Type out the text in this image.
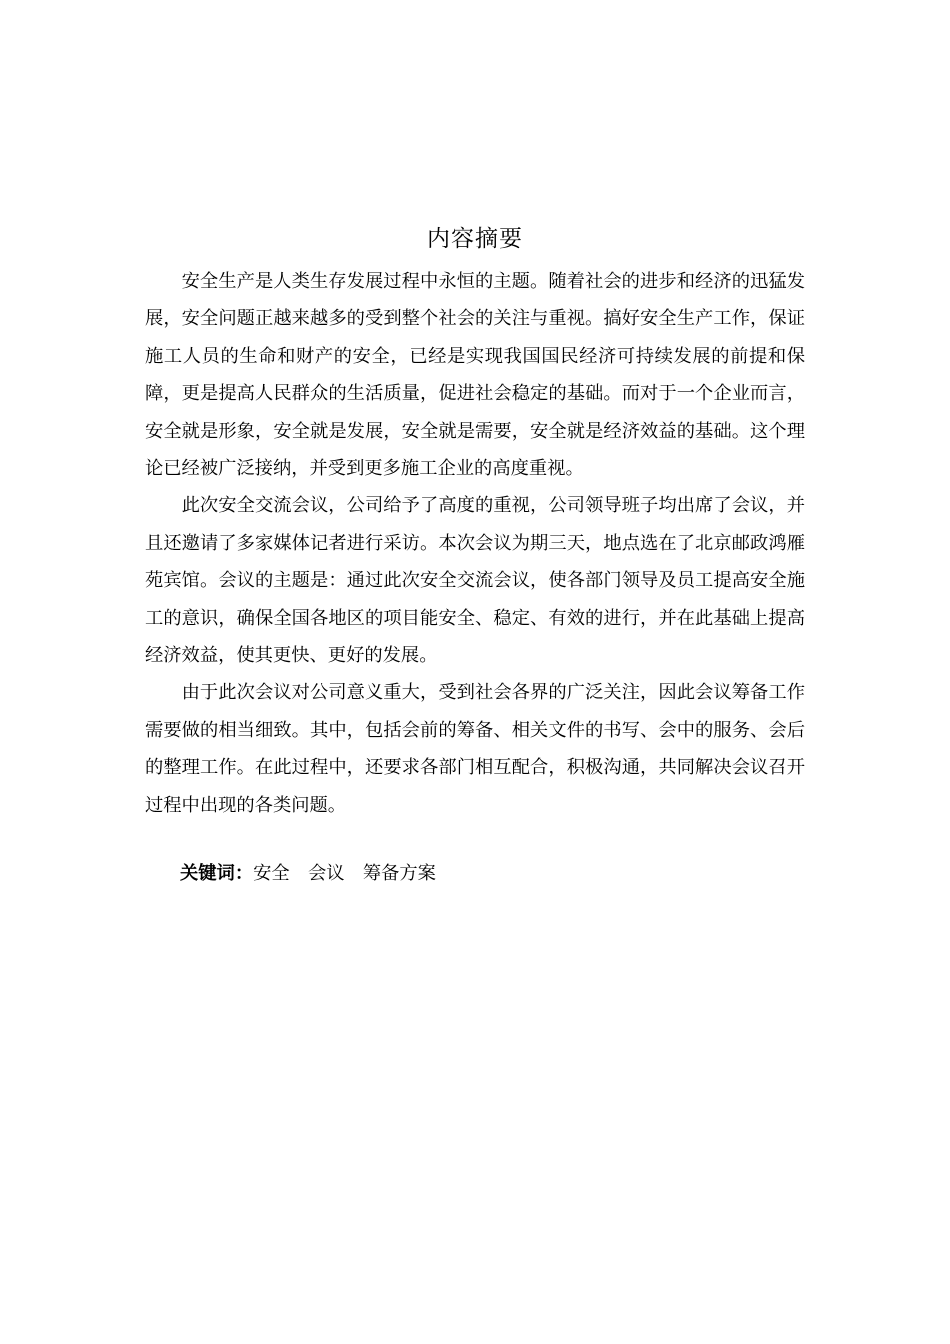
内容摘要

安全生产是人类生存发展过程中永恒的主题。随着社会的进步和经济的迅猛发展，安全问题正越来越多的受到整个社会的关注与重视。搞好安全生产工作，保证施工人员的生命和财产的安全，已经是实现我国国民经济可持续发展的前提和保障，更是提高人民群众的生活质量，促进社会稳定的基础。而对于一个企业而言，安全就是形象，安全就是发展，安全就是需要，安全就是经济效益的基础。这个理论已经被广泛接纳，并受到更多施工企业的高度重视。

此次安全交流会议，公司给予了高度的重视，公司领导班子均出席了会议，并且还邀请了多家媒体记者进行采访。本次会议为期三天，地点选在了北京邮政鸿雁苑宾馆。会议的主题是：通过此次安全交流会议，使各部门领导及员工提高安全施工的意识，确保全国各地区的项目能安全、稳定、有效的进行，并在此基础上提高经济效益，使其更快、更好的发展。

由于此次会议对公司意义重大，受到社会各界的广泛关注，因此会议筹备工作需要做的相当细致。其中，包括会前的筹备、相关文件的书写、会中的服务、会后的整理工作。在此过程中，还要求各部门相互配合，积极沟通，共同解决会议召开过程中出现的各类问题。

关键词：安全 会议 筹备方案
